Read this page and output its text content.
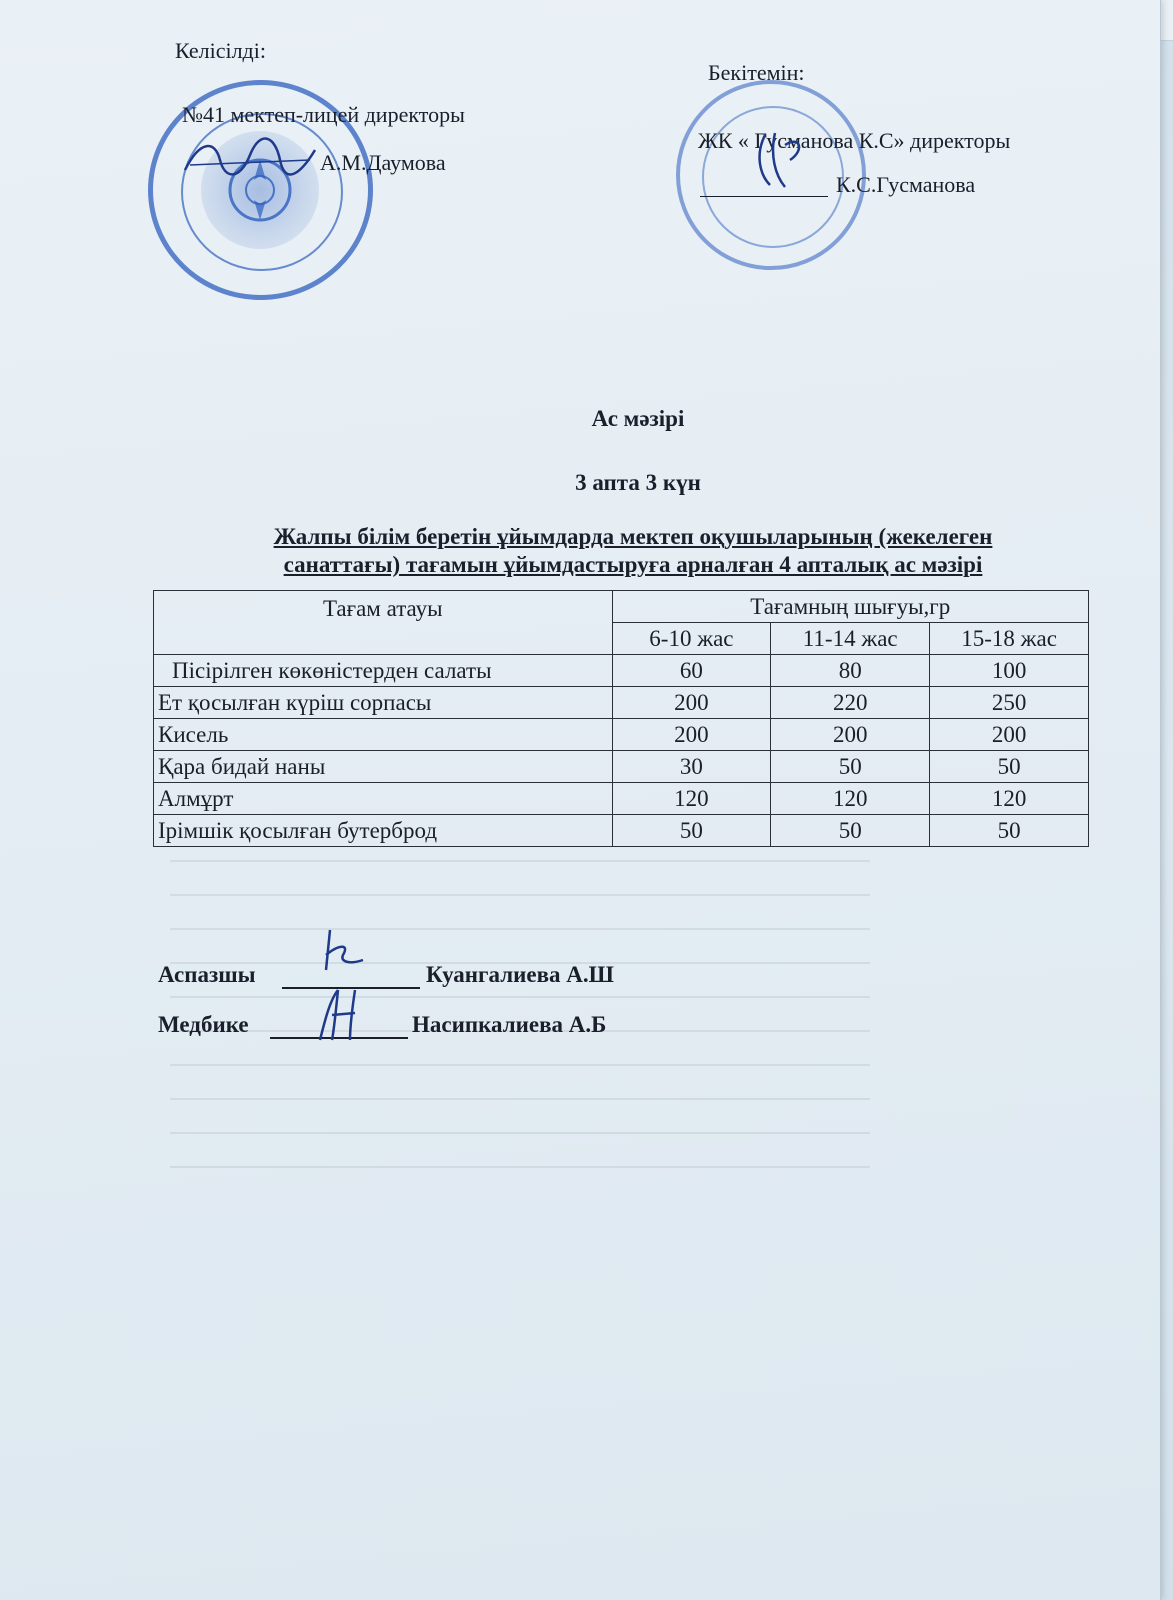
Келісілді:
№41 мектеп-лицей директоры
А.М.Даумова
Бекітемін:
ЖК « Гусманова К.С» директоры
К.С.Гусманова
Ас мәзірі
3 апта 3 күн
Жалпы білім беретін ұйымдарда мектеп оқушыларының (жекелеген
санаттағы) тағамын ұйымдастыруға арналған 4 апталық ас мәзірі
Тағам атауы	Тағамның шығуы,гр		
	6-10 жас	11-14 жас	15-18 жас
Пісірілген көкөністерден салаты	60	80	100
Ет қосылған күріш сорпасы	200	220	250
Кисель	200	200	200
Қара бидай наны	30	50	50
Алмұрт	120	120	120
Ірімшік қосылған бутерброд	50	50	50
Аспазшы	Куангалиева А.Ш
Медбике	Насипкалиева А.Б
